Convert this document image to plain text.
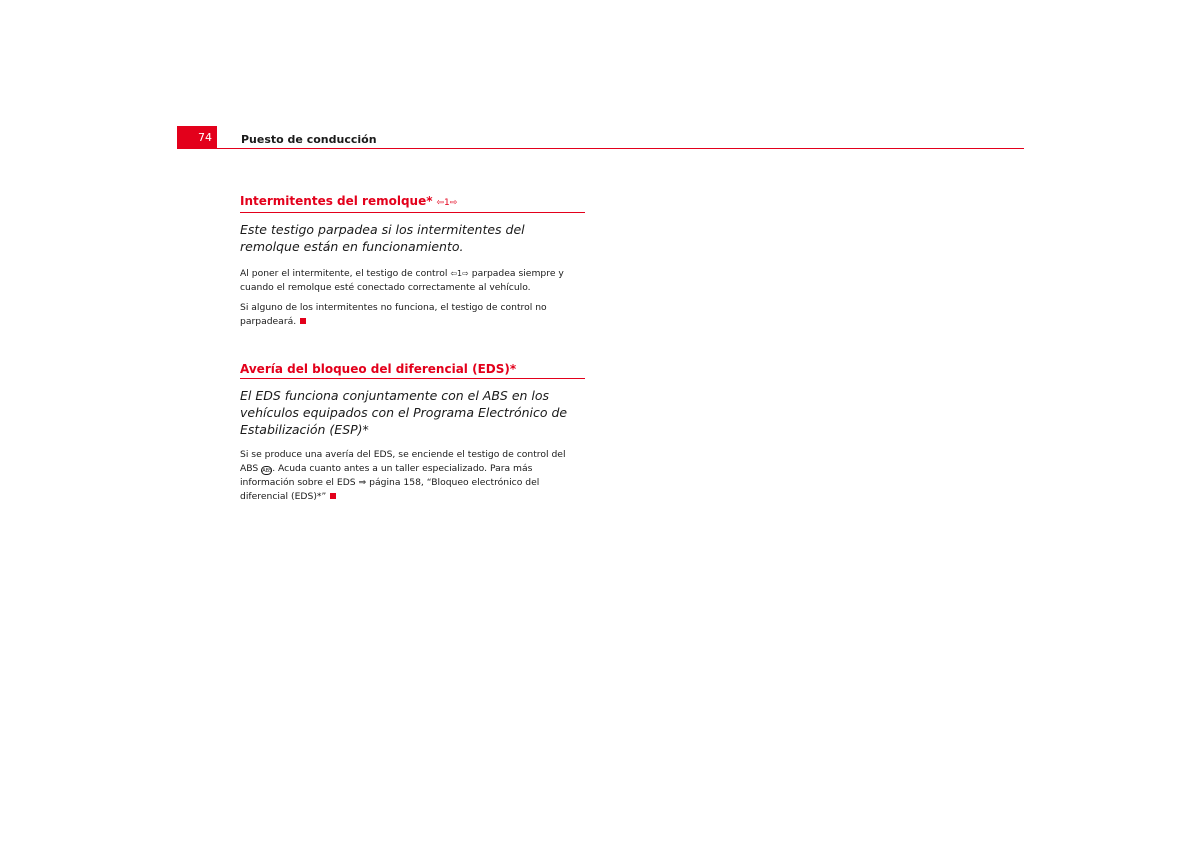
74	Puesto de conducción
Intermitentes del remolque* ⇦1⇨

Este testigo parpadea si los intermitentes del remolque están en funcionamiento.

Al poner el intermitente, el testigo de control ⇦1⇨ parpadea siempre y cuando el remolque esté conectado correctamente al vehículo.

Si alguno de los intermitentes no funciona, el testigo de control no parpadeará.

Avería del bloqueo del diferencial (EDS)*

El EDS funciona conjuntamente con el ABS en los vehículos equipados con el Programa Electrónico de Estabilización (ESP)*

Si se produce una avería del EDS, se enciende el testigo de control del ABS ABS. Acuda cuanto antes a un taller especializado. Para más información sobre el EDS ⇒ página 158, “Bloqueo electrónico del diferencial (EDS)*”
